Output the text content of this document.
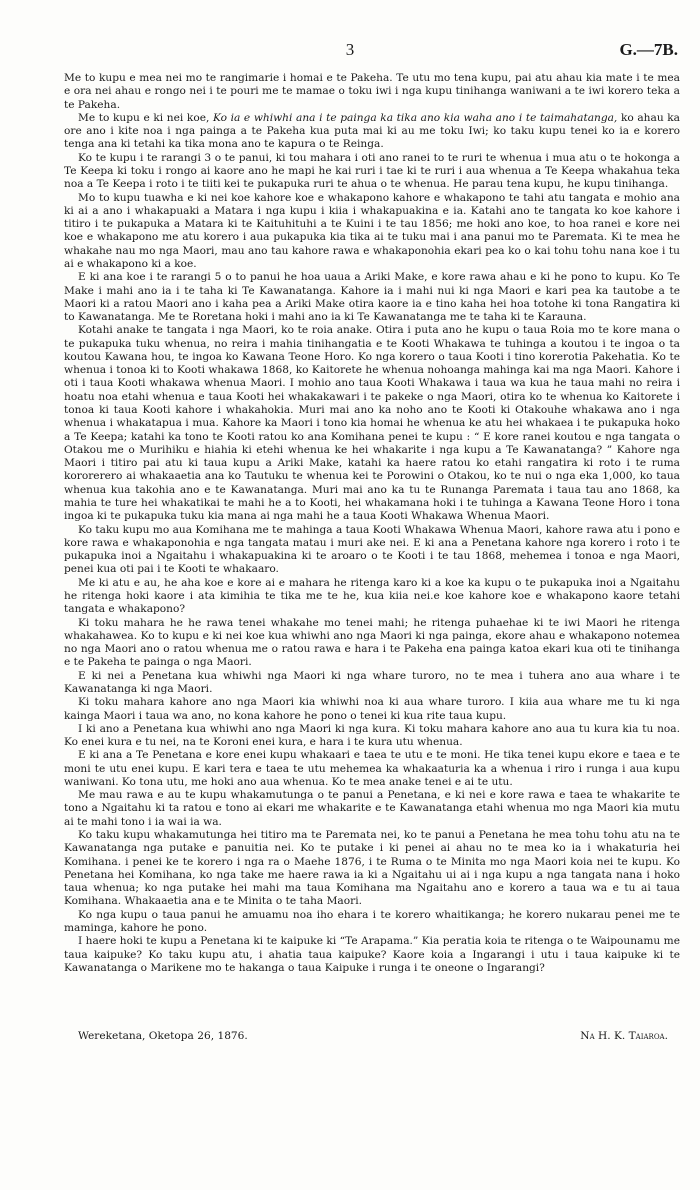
3	G.—7B.

Me to kupu e mea nei mo te rangimarie i homai e te Pakeha. Te utu mo tena kupu, pai atu ahau kia mate i te mea e ora nei ahau e rongo nei i te pouri me te mamae o toku iwi i nga kupu tinihanga waniwani a te iwi korero teka a te Pakeha.

Me to kupu e ki nei koe, Ko ia e whiwhi ana i te painga ka tika ano kia waha ano i te taimahatanga, ko ahau ka ore ano i kite noa i nga painga a te Pakeha kua puta mai ki au me toku Iwi; ko taku kupu tenei ko ia e korero tenga ana ki tetahi ka tika mona ano te kapura o te Reinga.

Ko te kupu i te rarangi 3 o te panui, ki tou mahara i oti ano ranei to te ruri te whenua i mua atu o te hokonga a Te Keepa ki toku i rongo ai kaore ano he mapi he kai ruri i tae ki te ruri i aua whenua a Te Keepa whakahua teka noa a Te Keepa i roto i te tiiti kei te pukapuka ruri te ahua o te whenua. He parau tena kupu, he kupu tinihanga.

Mo to kupu tuawha e ki nei koe kahore koe e whakapono kahore e whakapono te tahi atu tangata e mohio ana ki ai a ano i whakapuaki a Matara i nga kupu i kiia i whakapuakina e ia. Katahi ano te tangata ko koe kahore i titiro i te pukapuka a Matara ki te Kaituhituhi a te Kuini i te tau 1856; me hoki ano koe, to hoa ranei e kore nei koe e whakapono me atu korero i aua pukapuka kia tika ai te tuku mai i ana panui mo te Paremata. Ki te mea he whakahe nau mo nga Maori, mau ano tau kahore rawa e whakaponohia ekari pea ko o kai tohu tohu nana koe i tu ai e whakapono ki a koe.

E ki ana koe i te rarangi 5 o to panui he hoa uaua a Ariki Make, e kore rawa ahau e ki he pono to kupu. Ko Te Make i mahi ano ia i te taha ki Te Kawanatanga. Kahore ia i mahi nui ki nga Maori e kari pea ka tautobe a te Maori ki a ratou Maori ano i kaha pea a Ariki Make otira kaore ia e tino kaha hei hoa totohe ki tona Rangatira ki to Kawanatanga. Me te Roretana hoki i mahi ano ia ki Te Kawanatanga me te taha ki te Karauna.

Kotahi anake te tangata i nga Maori, ko te roia anake. Otira i puta ano he kupu o taua Roia mo te kore mana o te pukapuka tuku whenua, no reira i mahia tinihangatia e te Kooti Whakawa te tuhinga a koutou i te ingoa o ta koutou Kawana hou, te ingoa ko Kawana Teone Horo. Ko nga korero o taua Kooti i tino korerotia Pakehatia. Ko te whenua i tonoa ki to Kooti whakawa 1868, ko Kaitorete he whenua nohoanga mahinga kai ma nga Maori. Kahore i oti i taua Kooti whakawa whenua Maori. I mohio ano taua Kooti Whakawa i taua wa kua he taua mahi no reira i hoatu noa etahi whenua e taua Kooti hei whakakawari i te pakeke o nga Maori, otira ko te whenua ko Kaitorete i tonoa ki taua Kooti kahore i whakahokia. Muri mai ano ka noho ano te Kooti ki Otakouhe whakawa ano i nga whenua i whakatapua i mua. Kahore ka Maori i tono kia homai he whenua ke atu hei whakaea i te pukapuka hoko a Te Keepa; katahi ka tono te Kooti ratou ko ana Komihana penei te kupu : “ E kore ranei koutou e nga tangata o Otakou me o Murihiku e hiahia ki etehi whenua ke hei whakarite i nga kupu a Te Kawanatanga? ” Kahore nga Maori i titiro pai atu ki taua kupu a Ariki Make, katahi ka haere ratou ko etahi rangatira ki roto i te ruma kororerero ai whakaaetia ana ko Tautuku te whenua kei te Porowini o Otakou, ko te nui o nga eka 1,000, ko taua whenua kua takohia ano e te Kawanatanga. Muri mai ano ka tu te Runanga Paremata i taua tau ano 1868, ka mahia te ture hei whakatikai te mahi he a to Kooti, hei whakamana hoki i te tuhinga a Kawana Teone Horo i tona ingoa ki te pukapuka tuku kia mana ai nga mahi he a taua Kooti Whakawa Whenua Maori.

Ko taku kupu mo aua Komihana me te mahinga a taua Kooti Whakawa Whenua Maori, kahore rawa atu i pono e kore rawa e whakaponohia e nga tangata matau i muri ake nei. E ki ana a Penetana kahore nga korero i roto i te pukapuka inoi a Ngaitahu i whakapuakina ki te aroaro o te Kooti i te tau 1868, mehemea i tonoa e nga Maori, penei kua oti pai i te Kooti te whakaaro.

Me ki atu e au, he aha koe e kore ai e mahara he ritenga karo ki a koe ka kupu o te pukapuka inoi a Ngaitahu he ritenga hoki kaore i ata kimihia te tika me te he, kua kiia nei.e koe kahore koe e whakapono kaore tetahi tangata e whakapono?

Ki toku mahara he he rawa tenei whakahe mo tenei mahi; he ritenga puhaehae ki te iwi Maori he ritenga whakahawea. Ko to kupu e ki nei koe kua whiwhi ano nga Maori ki nga painga, ekore ahau e whakapono notemea no nga Maori ano o ratou whenua me o ratou rawa e hara i te Pakeha ena painga katoa ekari kua oti te tinihanga e te Pakeha te painga o nga Maori.

E ki nei a Penetana kua whiwhi nga Maori ki nga whare turoro, no te mea i tuhera ano aua whare i te Kawanatanga ki nga Maori.

Ki toku mahara kahore ano nga Maori kia whiwhi noa ki aua whare turoro. I kiia aua whare me tu ki nga kainga Maori i taua wa ano, no kona kahore he pono o tenei ki kua rite taua kupu.

I ki ano a Penetana kua whiwhi ano nga Maori ki nga kura. Ki toku mahara kahore ano aua tu kura kia tu noa. Ko enei kura e tu nei, na te Koroni enei kura, e hara i te kura utu whenua.

E ki ana a Te Penetana e kore enei kupu whakaari e taea te utu e te moni. He tika tenei kupu ekore e taea e te moni te utu enei kupu. E kari tera e taea te utu mehemea ka whakaaturia ka a whenua i riro i runga i aua kupu waniwani. Ko tona utu, me hoki ano aua whenua. Ko te mea anake tenei e ai te utu.

Me mau rawa e au te kupu whakamutunga o te panui a Penetana, e ki nei e kore rawa e taea te whakarite te tono a Ngaitahu ki ta ratou e tono ai ekari me whakarite e te Kawanatanga etahi whenua mo nga Maori kia mutu ai te mahi tono i ia wai ia wa.

Ko taku kupu whakamutunga hei titiro ma te Paremata nei, ko te panui a Penetana he mea tohu tohu atu na te Kawanatanga nga putake e panuitia nei. Ko te putake i ki penei ai ahau no te mea ko ia i whakaturia hei Komihana. i penei ke te korero i nga ra o Maehe 1876, i te Ruma o te Minita mo nga Maori koia nei te kupu. Ko Penetana hei Komihana, ko nga take me haere rawa ia ki a Ngaitahu ui ai i nga kupu a nga tangata nana i hoko taua whenua; ko nga putake hei mahi ma taua Komihana ma Ngaitahu ano e korero a taua wa e tu ai taua Komihana. Whakaaetia ana e te Minita o te taha Maori.

Ko nga kupu o taua panui he amuamu noa iho ehara i te korero whaitikanga; he korero nukarau penei me te maminga, kahore he pono.

I haere hoki te kupu a Penetana ki te kaipuke ki “Te Arapama.” Kia peratia koia te ritenga o te Waipounamu me taua kaipuke? Ko taku kupu atu, i ahatia taua kaipuke? Kaore koia a Ingarangi i utu i taua kaipuke ki te Kawanatanga o Marikene mo te hakanga o taua Kaipuke i runga i te oneone o Ingarangi?

Wereketana, Oketopa 26, 1876.	Na H. K. Taiaroa.
